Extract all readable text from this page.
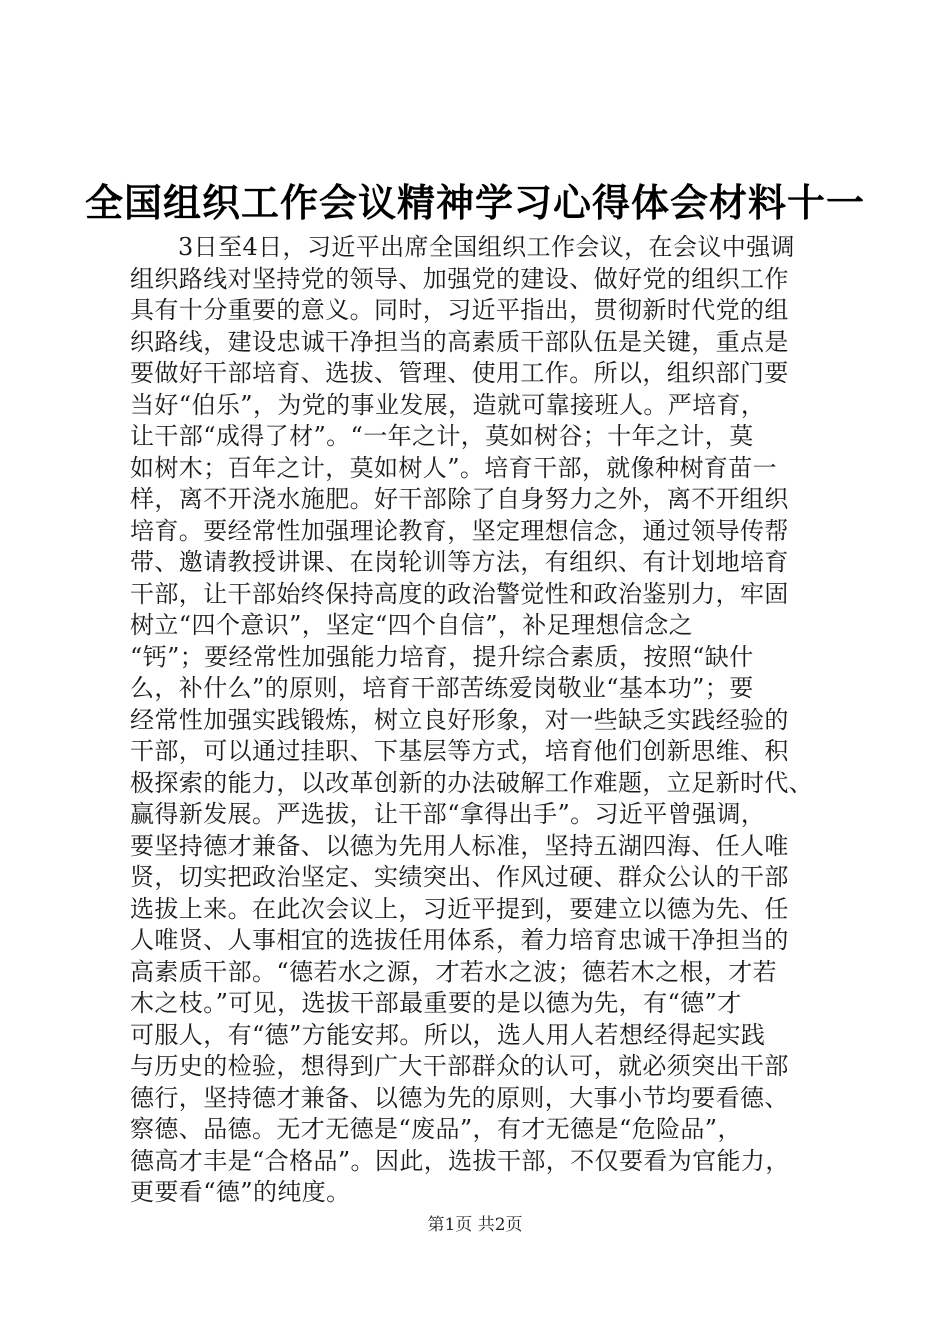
全国组织工作会议精神学习心得体会材料十一

3日至4日，习近平出席全国组织工作会议，在会议中强调
组织路线对坚持党的领导、加强党的建设、做好党的组织工作
具有十分重要的意义。同时，习近平指出，贯彻新时代党的组
织路线，建设忠诚干净担当的高素质干部队伍是关键，重点是
要做好干部培育、选拔、管理、使用工作。所以，组织部门要
当好“伯乐”，为党的事业发展，造就可靠接班人。严培育，
让干部“成得了材”。“一年之计，莫如树谷；十年之计，莫
如树木；百年之计，莫如树人”。培育干部，就像种树育苗一
样，离不开浇水施肥。好干部除了自身努力之外，离不开组织
培育。要经常性加强理论教育，坚定理想信念，通过领导传帮
带、邀请教授讲课、在岗轮训等方法，有组织、有计划地培育
干部，让干部始终保持高度的政治警觉性和政治鉴别力，牢固
树立“四个意识”，坚定“四个自信”，补足理想信念之
“钙”；要经常性加强能力培育，提升综合素质，按照“缺什
么，补什么”的原则，培育干部苦练爱岗敬业“基本功”；要
经常性加强实践锻炼，树立良好形象，对一些缺乏实践经验的
干部，可以通过挂职、下基层等方式，培育他们创新思维、积
极探索的能力，以改革创新的办法破解工作难题，立足新时代、
赢得新发展。严选拔，让干部“拿得出手”。习近平曾强调，
要坚持德才兼备、以德为先用人标准，坚持五湖四海、任人唯
贤，切实把政治坚定、实绩突出、作风过硬、群众公认的干部
选拔上来。在此次会议上，习近平提到，要建立以德为先、任
人唯贤、人事相宜的选拔任用体系，着力培育忠诚干净担当的
高素质干部。“德若水之源，才若水之波；德若木之根，才若
木之枝。”可见，选拔干部最重要的是以德为先，有“德”才
可服人，有“德”方能安邦。所以，选人用人若想经得起实践
与历史的检验，想得到广大干部群众的认可，就必须突出干部
德行，坚持德才兼备、以德为先的原则，大事小节均要看德、
察德、品德。无才无德是“废品”，有才无德是“危险品”，
德高才丰是“合格品”。因此，选拔干部，不仅要看为官能力，
更要看“德”的纯度。

第1页 共2页
